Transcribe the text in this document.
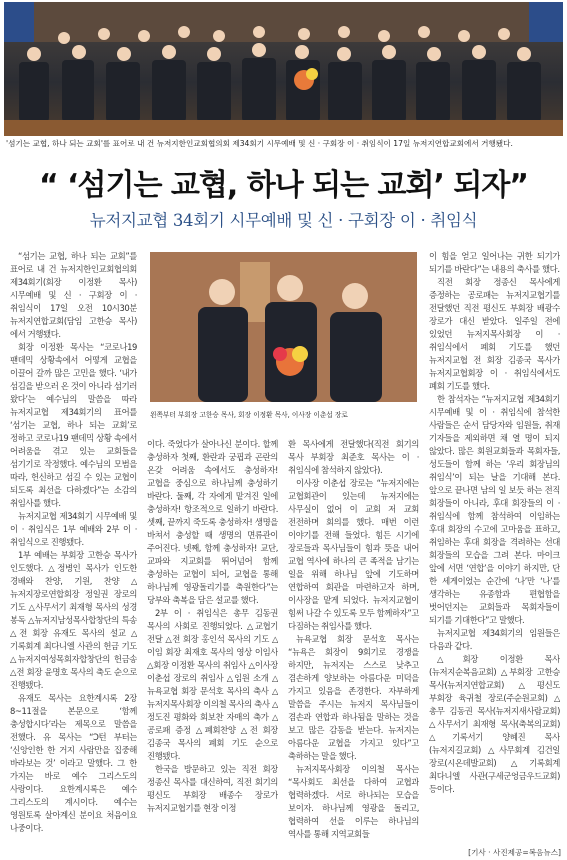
'섬기는 교협, 하나 되는 교회'를 표어로 내 건 뉴저지한인교회협의회 제34회기 시무예배 및 신 · 구회장 이 · 취임식이 17일 뉴저지연합교회에서 거행됐다.
“ ‘섬기는 교협, 하나 되는 교회’ 되자”
뉴저지교협 34회기 시무예배 및 신 · 구회장 이 · 취임식

“섬기는 교협, 하나 되는 교회”를 표어로 내 건 뉴저지한인교회협의회 제34회기(회장 이정환 목사) 시무예배 및 신 · 구회장 이 · 취임식이 17일 오전 10시30분 뉴저지연합교회(담임 고한승 목사)에서 거행됐다.

회장 이정환 목사는 “코로나19 팬데믹 상황속에서 어떻게 교협을 이끌어 갈까 많은 고민을 했다. ‘내가 섬김을 받으러 온 것이 아니라 섬기러 왔다’는 예수님의 말씀을 따라 뉴저지교협 제34회기의 표어를 ‘섬기는 교협, 하나 되는 교회’로 정하고 코로나19 팬데믹 상황 속에서 어려움을 겪고 있는 교회들을 섬기기로 작정했다. 예수님의 모범을 따라, 헌신하고 섬길 수 있는 교협이 되도록 최선을 다하겠다”는 소감의 취임사를 했다.

뉴저지교협 제34회기 시무예배 및 이 · 취임식은 1부 예배와 2부 이 · 취임식으로 진행됐다.

1부 예배는 부회장 고한승 목사가 인도했다. △정병인 목사가 인도한 경배와 찬양, 기원, 찬양 △뉴저지장로연합회장 정일권 장로의 기도 △사무서기 최재형 목사의 성경 봉독 △뉴저지남성목사합창단의 특송 △전 회장 유재도 목사의 설교 △기록회계 최다니엘 사관의 헌금 기도 △뉴저지여성목회자합창단의 헌금송 △전 회장 윤명호 목사의 축도 순으로 진행됐다.

유재도 목사는 요한계시록 2장 8~11절을 본문으로 ‘함께 충성합시다’라는 제목으로 말씀을 전했다. 유 목사는 “Ͻ턴 부터는 ‘신앙인한 한 거지 사람만을 집중해 바라보는 것’ 이라고 말했다. 그 한 가지는 바로 예수 그리스도의 사랑이다. 요한계시록은 예수 그리스도의 계시이다. 예수는 영원토록 살아계신 분이요 처음이요 나중이다.

왼쪽부터 부회장 고한승 목사, 회장 이정환 목사, 이사장 이춘섭 장로

이다. 죽었다가 살아나신 분이다. 할께 충성하자 첫째, 환란과 궁핍과 곤란의 온갖 어려움 속에서도 충성하자! 교협을 중심으로 하나님께 충성하기 바란다. 둘째, 각 자에게 맡겨진 일에 충성하자! 항조적으로 일하기 바란다. 셋째, 끝까지 죽도록 충성하자! 생명을 바쳐서 충성할 때 생명의 면류관이 주어진다. 넷째, 함께 충성하자! 교단, 교파와 지교회를 뛰어넘어 함께 충성하는 교협이 되어, 교협을 통해 하나님께 영광돌리기를 축원한다”는 당부와 축복을 담은 설교를 했다.

2부 이 · 취임식은 총무 김동권 목사의 사회로 진행되었다. △교협기 전달 △전 회장 홍인석 목사의 기도 △이임 회장 최재호 목사의 영상 이임사 △회장 이정환 목사의 취임사 △이사장 이춘섭 장로의 취임사 △임원 소개 △뉴욕교협 회장 문석호 목사의 축사 △뉴저지목사회장 이의철 목사의 축사 △정도진 평화와 회보찬 자매의 축가 △공로패 증정 △폐회찬양 △전 회장 김종국 목사의 폐회 기도 순으로 진행됐다.

한국을 방문하고 있는 직전 회장 정종신 목사를 대신하여, 직전 회기의 평신도 부회장 배종수 장로가 뉴저지교협기를 현장 이정

환 목사에게 전달했다(직전 회기의 목사 부회장 최준호 목사는 이 · 취임식에 참석하지 않았다).

이사장 이춘섭 장로는 “뉴저지에는 교협회관이 있는데 뉴저지에는 사무실이 없어 이 교회 저 교회 전전하며 회의를 했다. 매번 이런 이야기를 전해 들었다. 힘든 시기에 장로들과 목사님들이 힘과 뜻을 내어 교협 역사에 하나의 큰 족적을 남기는 일을 위해 하나님 앞에 기도하며 연합하여 회관을 마련하고자 하며, 이사장을 맡게 되었다. 뉴저지교협이 힘써 나갈 수 있도록 모두 함께하자”고 다짐하는 취임사를 했다.

뉴욕교협 회장 문석호 목사는 “뉴욕은 회장이 9회기로 경쟁을 하지만, 뉴저지는 스스로 낮추고 겸손하게 양보하는 아름다운 미덕을 가지고 있음을 존경한다. 자부하게 말씀을 주시는 뉴저지 목사님들이 겸손과 연합과 하나됨을 말하는 것을 보고 많은 감동을 받는다. 뉴저지는 아름다운 교협을 가지고 있다”고 축하하는 말을 했다.

뉴저지목사회장 이의철 목사는 “목사회도 최선을 다하여 교협과 협력하겠다. 서로 하나되는 모습을 보이자. 하나님께 영광을 돌리고, 협력하여 선을 이루는 하나님의 역사를 통해 지역교회들

이 힘을 얻고 일어나는 귀한 되기가 되기를 바란다”는 내용의 축사를 했다.

직전 회장 정종신 목사에게 증정하는 공로패는 뉴저지교협기를 전달했던 직전 평신도 부회장 배광수 장로가 대신 받았다. 일주일 전에 있었던 뉴저지목사회장 이 · 취임식에서 폐회 기도를 했던 뉴저지교협 전 회장 김종국 목사가 뉴저지교협회장 이 · 취임식에서도 폐회 기도를 했다.

한 참석자는 “뉴저지교협 제34회기 시무예배 및 이 · 취임식에 참석한 사람들은 순서 담당자와 임원들, 취재 기자들을 제외하면 채 열 명이 되지 않았다. 많은 회원교회들과 목회자들, 성도들이 함께 하는 ‘우리 회장님의 취임식’이 되는 날을 기대해 본다. 앞으로 끝나면 남의 일 보듯 하는 전직 회장들이 아니라, 후대 회장들의 이 · 취임식에 함께 참석하여 이임하는 후대 회장의 수고에 고마움을 표하고, 취임하는 후대 회장을 격려하는 선대 회장들의 모습을 그려 본다. 마이크 앞에 서면 ‘연합’을 이야기 하지만, 단 한 세게이었는 순간에 ‘나’만 ‘나’를 생각하는 유종함과 편협함을 벗어던지는 교회들과 목회자들이 되기를 기대한다”고 말했다.

뉴저지교협 제34회기의 임원들은 다음과 같다.

△회장 이정환 목사(뉴저지순복음교회) △부회장 고한승 목사(뉴저지연합교회) △평신도 부회장 육귀철 장로(주순원교회) △총무 김동권 목사(뉴저지새사람교회) △사무서기 최재형 목사(축복의교회) △기록서기 양혜진 목사(뉴저지길교회) △사무회계 김건일 장로(시온데발교회) △기록회계 최다니엘 사관(구세군엉금우드교회) 등이다.

[기사 · 사진제공=복음뉴스]
